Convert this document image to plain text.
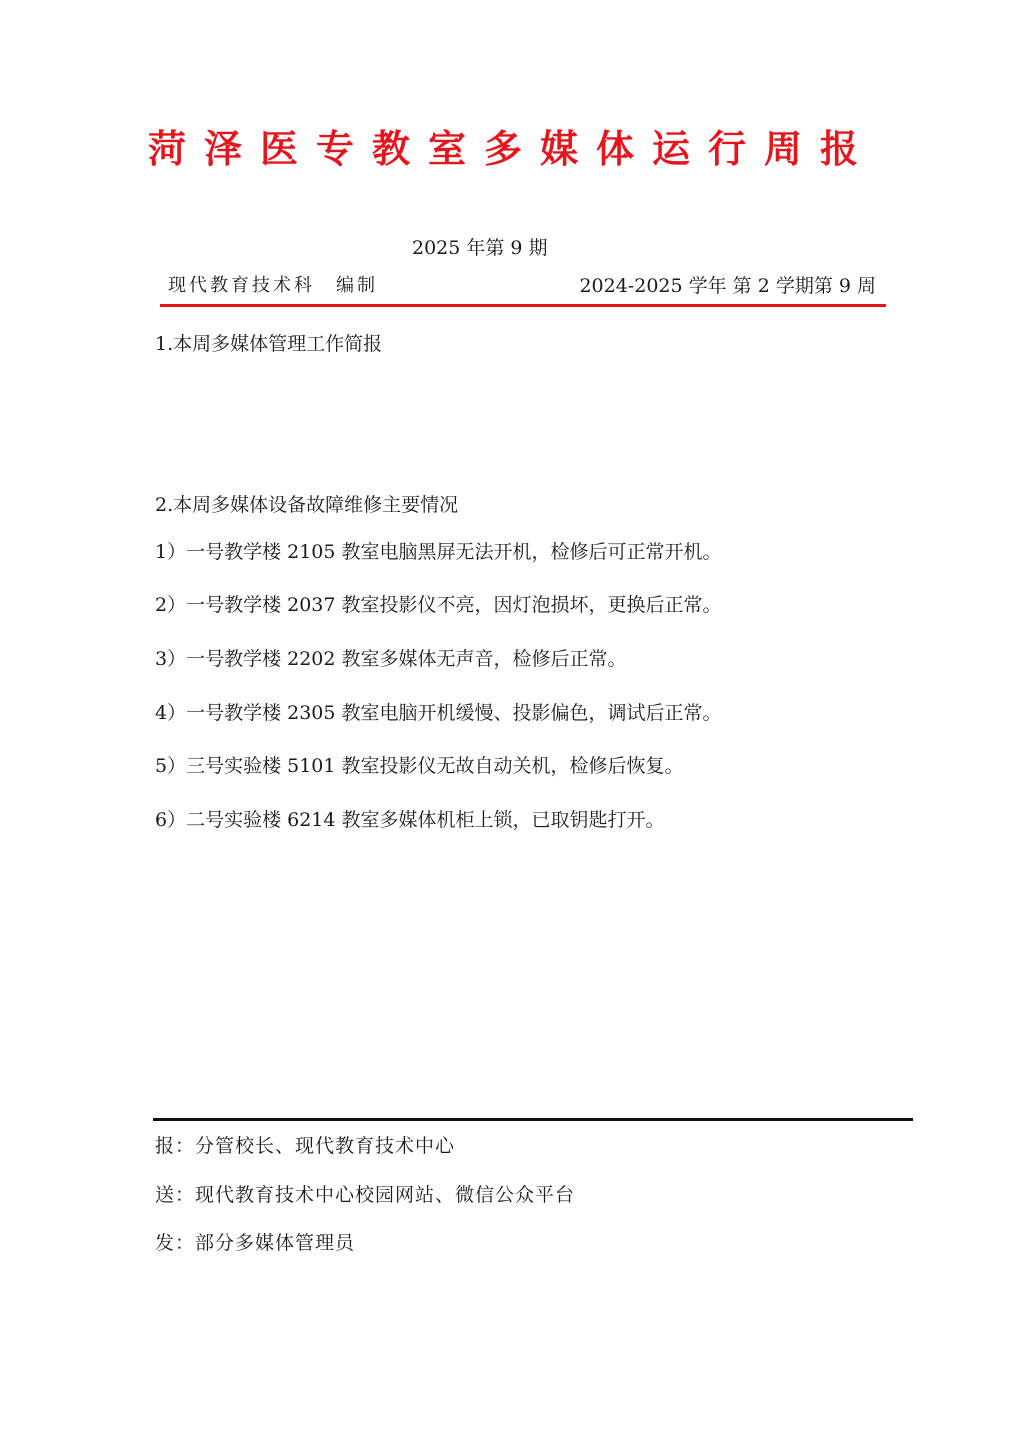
菏泽医专教室多媒体运行周报
2025 年第 9 期
现代教育技术科　编制	2024-2025 学年 第 2 学期第 9 周
1.本周多媒体管理工作简报
2.本周多媒体设备故障维修主要情况
1）一号教学楼 2105 教室电脑黑屏无法开机，检修后可正常开机。
2）一号教学楼 2037 教室投影仪不亮，因灯泡损坏，更换后正常。
3）一号教学楼 2202 教室多媒体无声音，检修后正常。
4）一号教学楼 2305 教室电脑开机缓慢、投影偏色，调试后正常。
5）三号实验楼 5101 教室投影仪无故自动关机，检修后恢复。
6）二号实验楼 6214 教室多媒体机柜上锁，已取钥匙打开。
报：分管校长、现代教育技术中心
送：现代教育技术中心校园网站、微信公众平台
发：部分多媒体管理员
